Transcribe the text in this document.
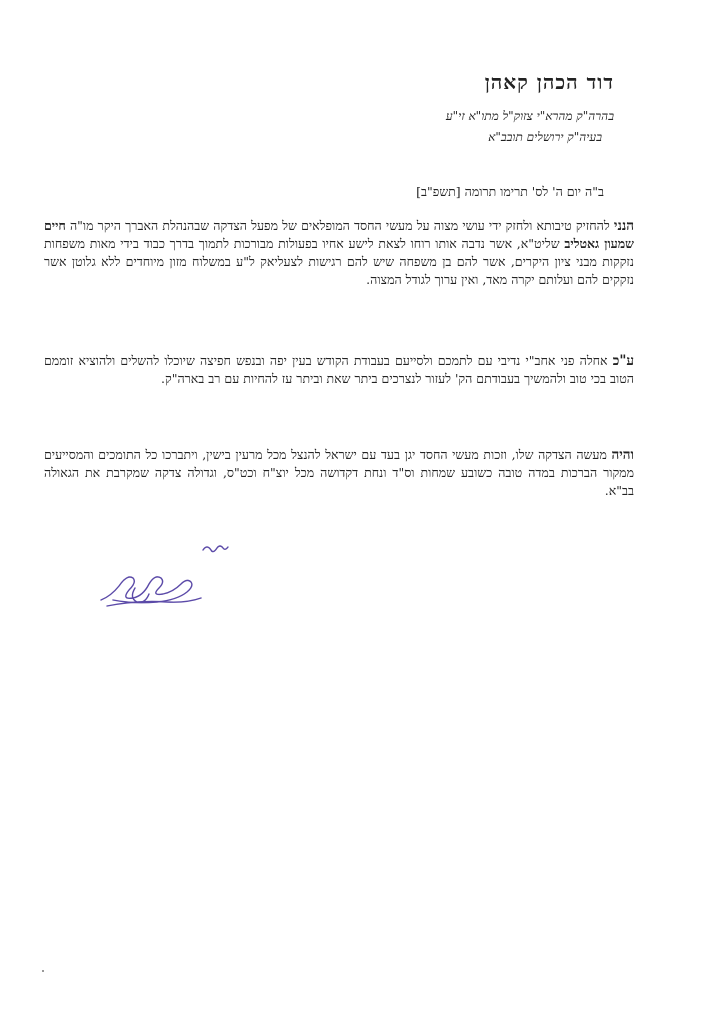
דוד הכהן קאהן
בהרה"ק מהרא"י צזוק"ל מתו"א זי"ע
בעיה"ק ירושלים תובב"א
ב"ה יום ה' לס' תרימו תרומה [תשפ"ב]
הנני להחזיק טיבותא ולחזק ידי עושי מצוה על מעשי החסד המופלאים של מפעל הצדקה שבהנהלת האברך היקר מו"ה חיים שמעון גאטליב שליט"א, אשר נדבה אותו רוחו לצאת לישע אחיו בפעולות מבורכות לתמוך בדרך כבוד בידי מאות משפחות נזקקות מבני ציון היקרים, אשר להם בן משפחה שיש להם רגישות לצעליאק ל"ע במשלוח מזון מיוחדים ללא גלוטן אשר נזקקים להם ועלותם יקרה מאד, ואין ערוך לגודל המצוה.
ע"כ אחלה פני אחב"י נדיבי עם לתמכם ולסייעם בעבודת הקודש בעין יפה ובנפש חפיצה שיוכלו להשלים ולהוציא זוממם הטוב בכי טוב ולהמשיך בעבודתם הק' לעזור לנצרכים ביתר שאת וביתר עז להחיות עם רב בארה"ק.
והיה מעשה הצדקה שלו, וזכות מעשי החסד יגן בעד עם ישראל להנצל מכל מרעין בישין, ויתברכו כל התומכים והמסייעים ממקור הברכות במדה טובה כשובע שמחות וס"ד ונחת דקדושה מכל יוצ"ח וכט"ס, וגדולה צדקה שמקרבת את הגאולה בב"א.
